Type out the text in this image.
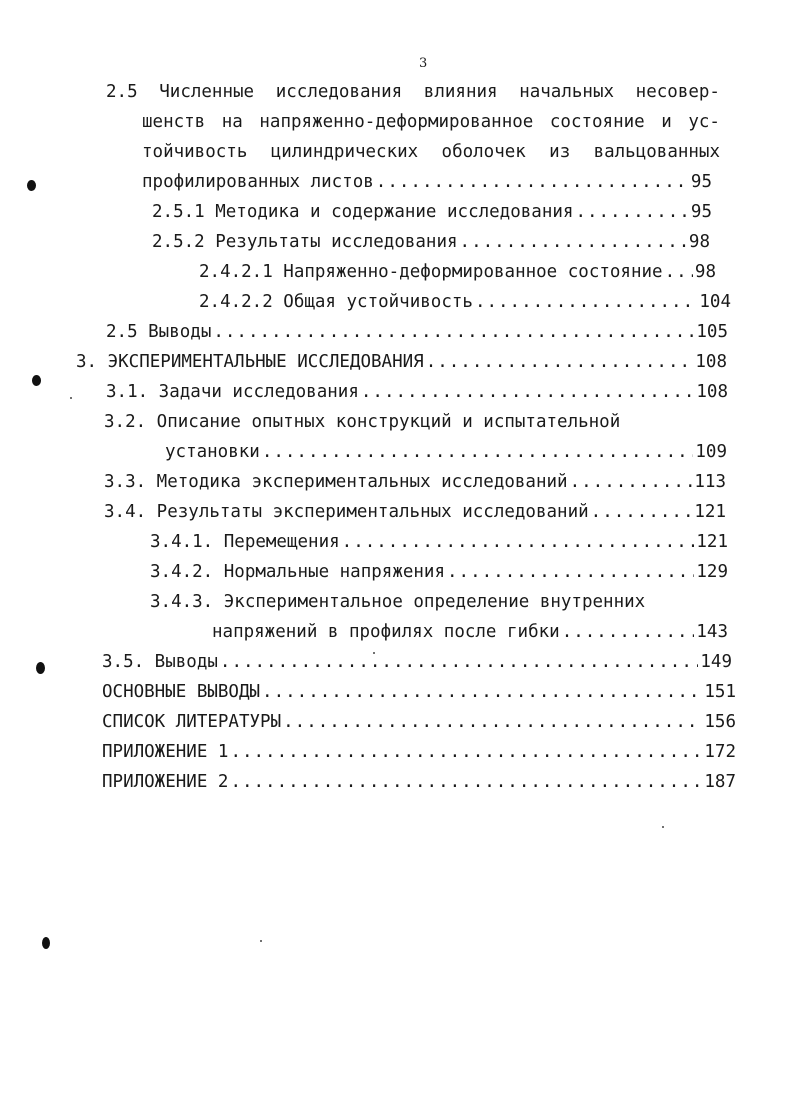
3
2.5 Численные исследования влияния начальных несовер-
шенств на напряженно-деформированное состояние и ус-
тойчивость цилиндрических оболочек из вальцованных
профилированных листов .....	95
2.5.1 Методика и содержание исследования .....	95
2.5.2 Результаты исследования .....	98
2.4.2.1 Напряженно-деформированное состояние ..... 98
2.4.2.2 Общая устойчивость .....	104
2.5 Выводы .....	105
3. ЭКСПЕРИМЕНТАЛЬНЫЕ ИССЛЕДОВАНИЯ .....	108
3.1. Задачи исследования .....	108
3.2. Описание опытных конструкций и испытательной
установки .....	109
3.3. Методика экспериментальных исследований .....	113
3.4. Результаты экспериментальных исследований .....	121
3.4.1. Перемещения .....	121
3.4.2. Нормальные напряжения .....	129
3.4.3. Экспериментальное определение внутренних
напряжений в профилях после гибки .....	143
3.5. Выводы .....	149
ОСНОВНЫЕ ВЫВОДЫ .....	151
СПИСОК ЛИТЕРАТУРЫ .....	156
ПРИЛОЖЕНИЕ 1 .....	172
ПРИЛОЖЕНИЕ 2 .....	187
